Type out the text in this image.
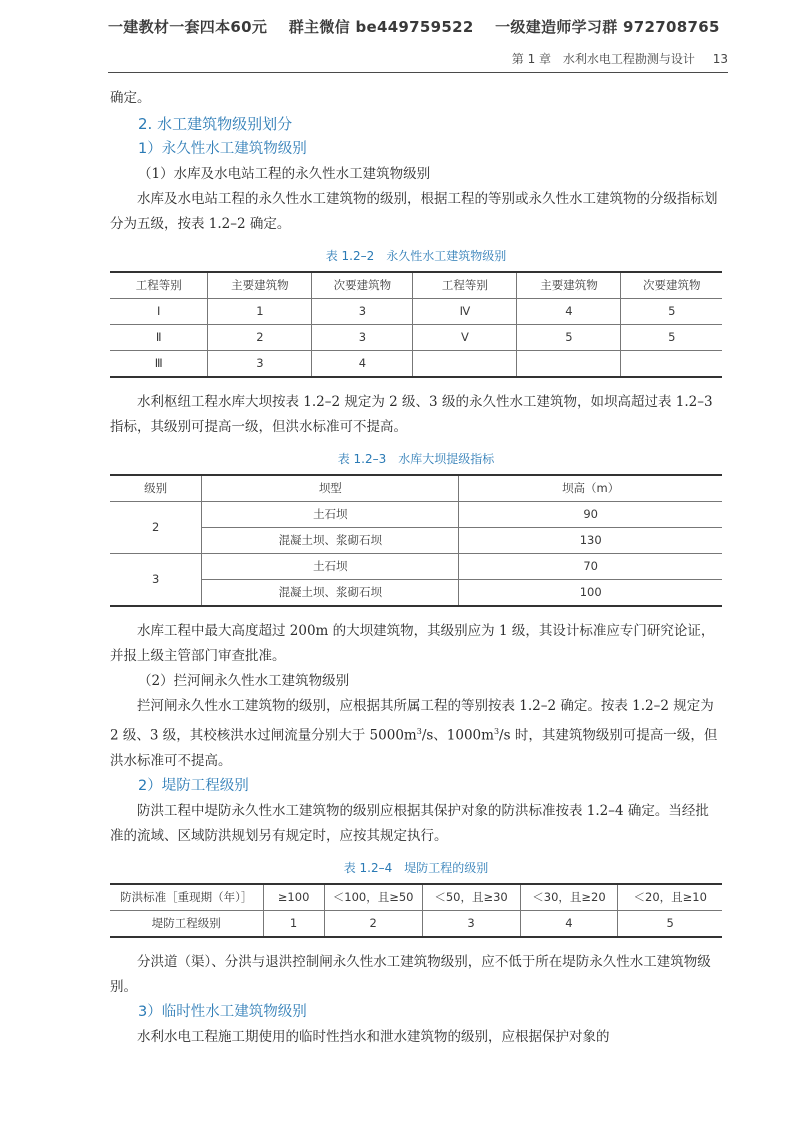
一建教材一套四本60元 群主微信 be449759522 一级建造师学习群 972708765
第 1 章 水利水电工程勘测与设计 13

确定。

2. 水工建筑物级别划分

1）永久性水工建筑物级别

（1）水库及水电站工程的永久性水工建筑物级别

水库及水电站工程的永久性水工建筑物的级别，根据工程的等别或永久性水工建筑物的分级指标划分为五级，按表 1.2–2 确定。

表 1.2–2　永久性水工建筑物级别
工程等别	主要建筑物	次要建筑物	工程等别	主要建筑物	次要建筑物
Ⅰ	1	3	Ⅳ	4	5
Ⅱ	2	3	Ⅴ	5	5
Ⅲ	3	4			

水利枢纽工程水库大坝按表 1.2–2 规定为 2 级、3 级的永久性水工建筑物，如坝高超过表 1.2–3 指标，其级别可提高一级，但洪水标准可不提高。

表 1.2–3　水库大坝提级指标
级别	坝型	坝高（m）
2	土石坝	90
	混凝土坝、浆砌石坝	130
3	土石坝	70
	混凝土坝、浆砌石坝	100

水库工程中最大高度超过 200m 的大坝建筑物，其级别应为 1 级，其设计标准应专门研究论证，并报上级主管部门审查批准。

（2）拦河闸永久性水工建筑物级别

拦河闸永久性水工建筑物的级别，应根据其所属工程的等别按表 1.2–2 确定。按表 1.2–2 规定为 2 级、3 级，其校核洪水过闸流量分别大于 $5000m^3/s$、$1000m^3/s$ 时，其建筑物级别可提高一级，但洪水标准可不提高。

2）堤防工程级别

防洪工程中堤防永久性水工建筑物的级别应根据其保护对象的防洪标准按表 1.2–4 确定。当经批准的流域、区域防洪规划另有规定时，应按其规定执行。

表 1.2–4　堤防工程的级别
防洪标准［重现期（年）］	≥100	＜100，且≥50	＜50，且≥30	＜30，且≥20	＜20，且≥10
堤防工程级别	1	2	3	4	5

分洪道（渠）、分洪与退洪控制闸永久性水工建筑物级别，应不低于所在堤防永久性水工建筑物级别。

3）临时性水工建筑物级别

水利水电工程施工期使用的临时性挡水和泄水建筑物的级别，应根据保护对象的
